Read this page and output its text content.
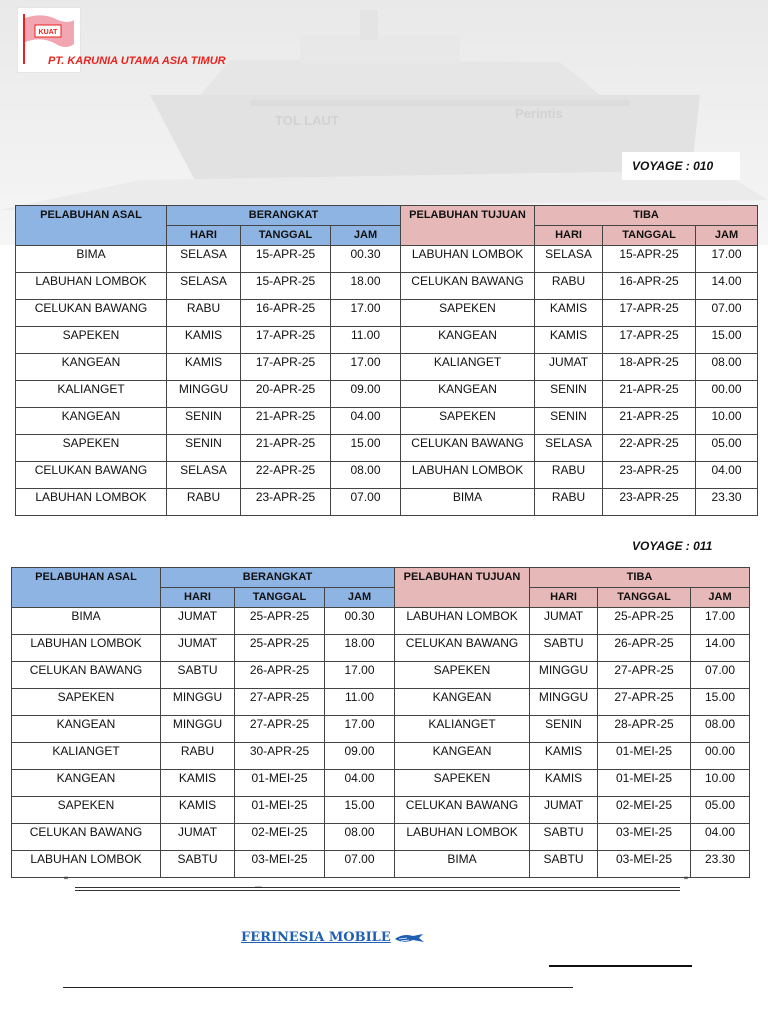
TOL LAUT	Perintis
KUAT
PT. KARUNIA UTAMA ASIA TIMUR
VOYAGE : 010
PELABUHAN ASAL	BERANGKAT			PELABUHAN TUJUAN	TIBA		
	HARI	TANGGAL	JAM		HARI	TANGGAL	JAM
BIMA	SELASA	15-APR-25	00.30	LABUHAN LOMBOK	SELASA	15-APR-25	17.00
LABUHAN LOMBOK	SELASA	15-APR-25	18.00	CELUKAN BAWANG	RABU	16-APR-25	14.00
CELUKAN BAWANG	RABU	16-APR-25	17.00	SAPEKEN	KAMIS	17-APR-25	07.00
SAPEKEN	KAMIS	17-APR-25	11.00	KANGEAN	KAMIS	17-APR-25	15.00
KANGEAN	KAMIS	17-APR-25	17.00	KALIANGET	JUMAT	18-APR-25	08.00
KALIANGET	MINGGU	20-APR-25	09.00	KANGEAN	SENIN	21-APR-25	00.00
KANGEAN	SENIN	21-APR-25	04.00	SAPEKEN	SENIN	21-APR-25	10.00
SAPEKEN	SENIN	21-APR-25	15.00	CELUKAN BAWANG	SELASA	22-APR-25	05.00
CELUKAN BAWANG	SELASA	22-APR-25	08.00	LABUHAN LOMBOK	RABU	23-APR-25	04.00
LABUHAN LOMBOK	RABU	23-APR-25	07.00	BIMA	RABU	23-APR-25	23.30
VOYAGE : 011
PELABUHAN ASAL	BERANGKAT			PELABUHAN TUJUAN	TIBA		
	HARI	TANGGAL	JAM		HARI	TANGGAL	JAM
BIMA	JUMAT	25-APR-25	00.30	LABUHAN LOMBOK	JUMAT	25-APR-25	17.00
LABUHAN LOMBOK	JUMAT	25-APR-25	18.00	CELUKAN BAWANG	SABTU	26-APR-25	14.00
CELUKAN BAWANG	SABTU	26-APR-25	17.00	SAPEKEN	MINGGU	27-APR-25	07.00
SAPEKEN	MINGGU	27-APR-25	11.00	KANGEAN	MINGGU	27-APR-25	15.00
KANGEAN	MINGGU	27-APR-25	17.00	KALIANGET	SENIN	28-APR-25	08.00
KALIANGET	RABU	30-APR-25	09.00	KANGEAN	KAMIS	01-MEI-25	00.00
KANGEAN	KAMIS	01-MEI-25	04.00	SAPEKEN	KAMIS	01-MEI-25	10.00
SAPEKEN	KAMIS	01-MEI-25	15.00	CELUKAN BAWANG	JUMAT	02-MEI-25	05.00
CELUKAN BAWANG	JUMAT	02-MEI-25	08.00	LABUHAN LOMBOK	SABTU	03-MEI-25	04.00
LABUHAN LOMBOK	SABTU	03-MEI-25	07.00	BIMA	SABTU	03-MEI-25	23.30
“	_	“
FERINESIA MOBILE
